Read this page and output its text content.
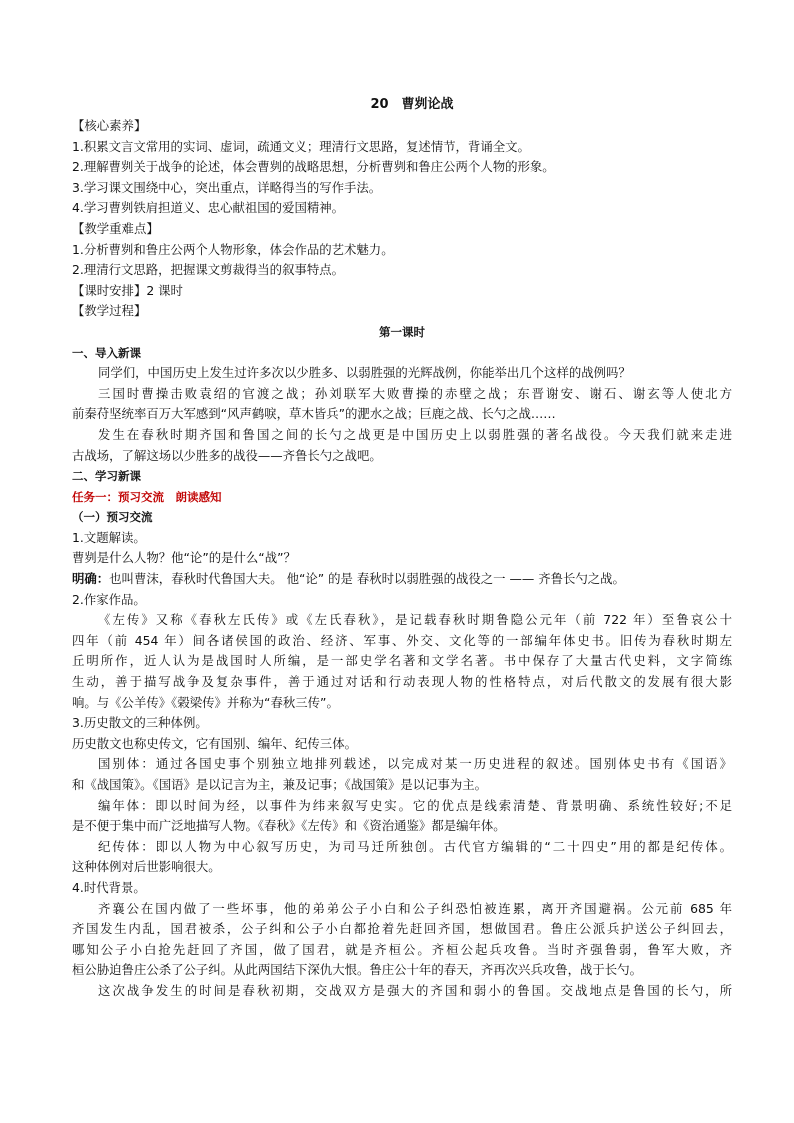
20　曹刿论战
【核心素养】
1.积累文言文常用的实词、虚词，疏通文义；理清行文思路，复述情节，背诵全文。
2.理解曹刿关于战争的论述，体会曹刿的战略思想，分析曹刿和鲁庄公两个人物的形象。
3.学习课文围绕中心，突出重点，详略得当的写作手法。
4.学习曹刿铁肩担道义、忠心献祖国的爱国精神。
【教学重难点】
1.分析曹刿和鲁庄公两个人物形象，体会作品的艺术魅力。
2.理清行文思路，把握课文剪裁得当的叙事特点。
【课时安排】2 课时
【教学过程】
第一课时
一、导入新课
同学们，中国历史上发生过许多次以少胜多、以弱胜强的光辉战例，你能举出几个这样的战例吗？
三国时曹操击败袁绍的官渡之战；孙刘联军大败曹操的赤壁之战；东晋谢安、谢石、谢玄等人使北方
前秦苻坚统率百万大军感到“风声鹤唳，草木皆兵”的淝水之战；巨鹿之战、长勺之战……
发生在春秋时期齐国和鲁国之间的长勺之战更是中国历史上以弱胜强的著名战役。今天我们就来走进
古战场，了解这场以少胜多的战役——齐鲁长勺之战吧。
二、学习新课
任务一：预习交流　朗读感知
（一）预习交流
1.文题解读。
曹刿是什么人物？他“论”的是什么“战”？
明确：也叫曹沫，春秋时代鲁国大夫。 他“论” 的是 春秋时以弱胜强的战役之一 —— 齐鲁长勺之战。
2.作家作品。
《左传》又称《春秋左氏传》或《左氏春秋》，是记载春秋时期鲁隐公元年（前 722 年）至鲁哀公十
四年（前 454 年）间各诸侯国的政治、经济、军事、外交、文化等的一部编年体史书。旧传为春秋时期左
丘明所作，近人认为是战国时人所编，是一部史学名著和文学名著。书中保存了大量古代史料，文字简练
生动，善于描写战争及复杂事件，善于通过对话和行动表现人物的性格特点，对后代散文的发展有很大影
响。与《公羊传》《榖梁传》并称为“春秋三传”。
3.历史散文的三种体例。
历史散文也称史传文，它有国别、编年、纪传三体。
国别体：通过各国史事个别独立地排列载述，以完成对某一历史进程的叙述。国别体史书有《国语》
和《战国策》。《国语》是以记言为主，兼及记事；《战国策》是以记事为主。
编年体：即以时间为经，以事件为纬来叙写史实。它的优点是线索清楚、背景明确、系统性较好;不足
是不便于集中而广泛地描写人物。《春秋》《左传》和《资治通鉴》都是编年体。
纪传体：即以人物为中心叙写历史，为司马迁所独创。古代官方编辑的“二十四史”用的都是纪传体。
这种体例对后世影响很大。
4.时代背景。
齐襄公在国内做了一些坏事，他的弟弟公子小白和公子纠恐怕被连累，离开齐国避祸。公元前 685 年
齐国发生内乱，国君被杀，公子纠和公子小白都抢着先赶回齐国，想做国君。鲁庄公派兵护送公子纠回去，
哪知公子小白抢先赶回了齐国，做了国君，就是齐桓公。齐桓公起兵攻鲁。当时齐强鲁弱，鲁军大败，齐
桓公胁迫鲁庄公杀了公子纠。从此两国结下深仇大恨。鲁庄公十年的春天，齐再次兴兵攻鲁，战于长勺。
这次战争发生的时间是春秋初期，交战双方是强大的齐国和弱小的鲁国。交战地点是鲁国的长勺，所
